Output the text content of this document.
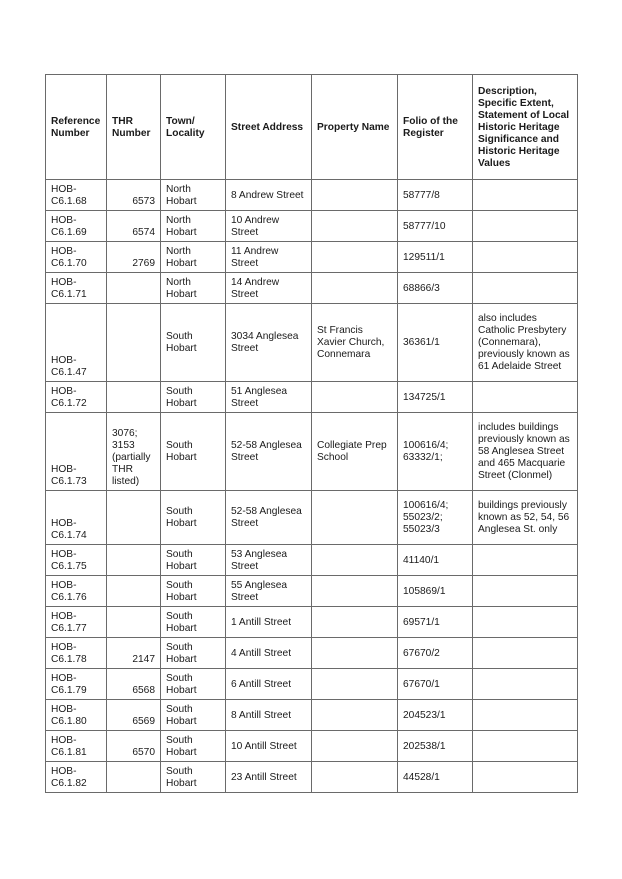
Reference Number	THR Number	Town/ Locality	Street Address	Property Name	Folio of the Register	Description, Specific Extent, Statement of Local Historic Heritage Significance and Historic Heritage Values
HOB-C6.1.68	6573	North Hobart	8 Andrew Street		58777/8	
HOB-C6.1.69	6574	North Hobart	10 Andrew Street		58777/10	
HOB-C6.1.70	2769	North Hobart	11 Andrew Street		129511/1	
HOB-C6.1.71		North Hobart	14 Andrew Street		68866/3	
HOB-C6.1.47		South Hobart	3034 Anglesea Street	St Francis Xavier Church, Connemara	36361/1	also includes Catholic Presbytery (Connemara), previously known as 61 Adelaide Street
HOB-C6.1.72		South Hobart	51 Anglesea Street		134725/1	
HOB-C6.1.73	3076; 3153 (partially THR listed)	South Hobart	52-58 Anglesea Street	Collegiate Prep School	100616/4; 63332/1;	includes buildings previously known as 58 Anglesea Street and 465 Macquarie Street (Clonmel)
HOB-C6.1.74		South Hobart	52-58 Anglesea Street		100616/4; 55023/2; 55023/3	buildings previously known as 52, 54, 56 Anglesea St. only
HOB-C6.1.75		South Hobart	53 Anglesea Street		41140/1	
HOB-C6.1.76		South Hobart	55 Anglesea Street		105869/1	
HOB-C6.1.77		South Hobart	1 Antill Street		69571/1	
HOB-C6.1.78	2147	South Hobart	4 Antill Street		67670/2	
HOB-C6.1.79	6568	South Hobart	6 Antill Street		67670/1	
HOB-C6.1.80	6569	South Hobart	8 Antill Street		204523/1	
HOB-C6.1.81	6570	South Hobart	10 Antill Street		202538/1	
HOB-C6.1.82		South Hobart	23 Antill Street		44528/1	
